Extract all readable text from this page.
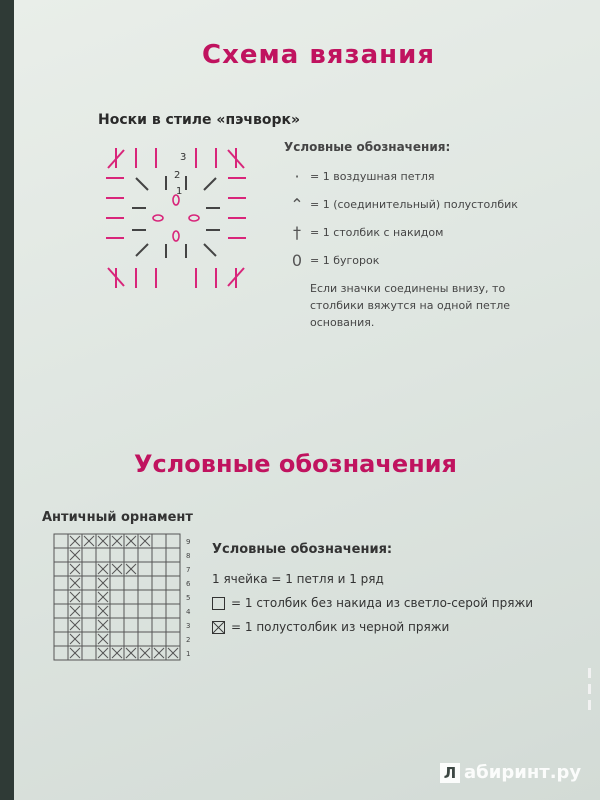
Схема вязания
Носки в стиле «пэчворк»
3
2
1
Условные обозначения:
· = 1 воздушная петля
⌃ = 1 (соединительный) полустолбик
† = 1 столбик с накидом
0 = 1 бугорок
Если значки соединены внизу, то столбики вяжутся на одной петле основания.
Условные обозначения
Античный орнамент
9
8
7
6
5
4
3
2
1
Условные обозначения:
1 ячейка = 1 петля и 1 ряд
= 1 столбик без накида из светло-серой пряжи
= 1 полустолбик из черной пряжи
Л абиринт.ру
